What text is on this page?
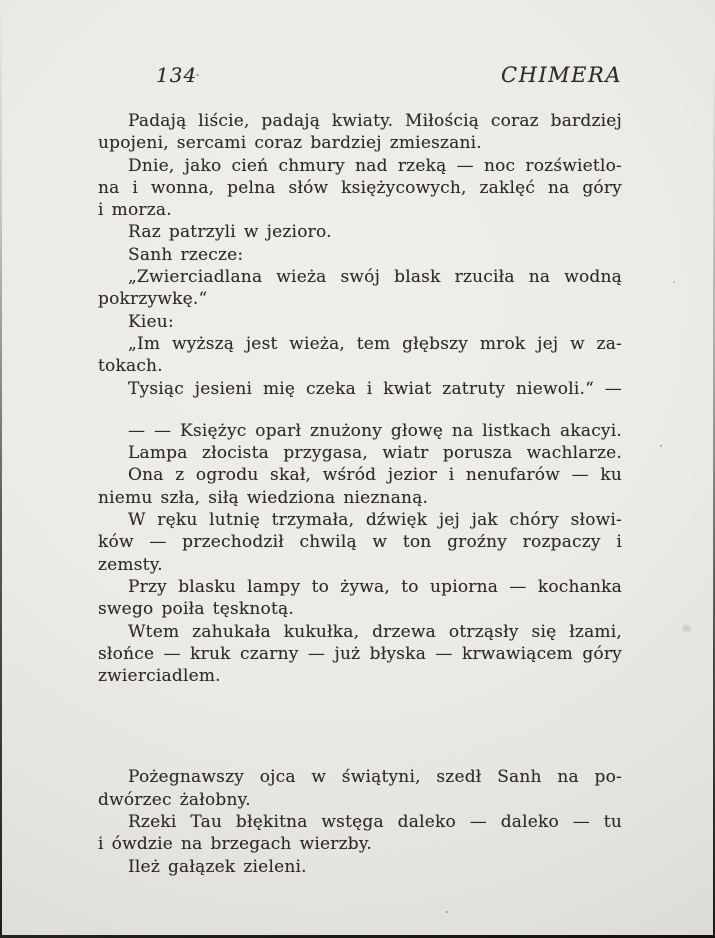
134	CHIMERA

Padają liście, padają kwiaty. Miłością coraz bardziej
upojeni, sercami coraz bardziej zmieszani.

Dnie, jako cień chmury nad rzeką — noc rozświetlo-
na i wonna, pelna słów księżycowych, zaklęć na góry
i morza.

Raz patrzyli w jezioro.

Sanh rzecze:

„Zwierciadlana wieża swój blask rzuciła na wodną
pokrzywkę.“

Kieu:

„Im wyższą jest wieża, tem głębszy mrok jej w za-
tokach.

Tysiąc jesieni mię czeka i kwiat zatruty niewoli.“ —

— — Księżyc oparł znużony głowę na listkach akacyi.

Lampa złocista przygasa, wiatr porusza wachlarze.

Ona z ogrodu skał, wśród jezior i nenufarów — ku
niemu szła, siłą wiedziona nieznaną.

W ręku lutnię trzymała, dźwięk jej jak chóry słowi-
ków — przechodził chwilą w ton groźny rozpaczy i zemsty.

Przy blasku lampy to żywa, to upiorna — kochanka
swego poiła tęsknotą.

Wtem zahukała kukułka, drzewa otrząsły się łzami,
słońce — kruk czarny — już błyska — krwawiącem góry
zwierciadlem.

Pożegnawszy ojca w świątyni, szedł Sanh na po-
dwórzec żałobny.

Rzeki Tau błękitna wstęga daleko — daleko — tu
i ówdzie na brzegach wierzby.

Ileż gałązek zieleni.
